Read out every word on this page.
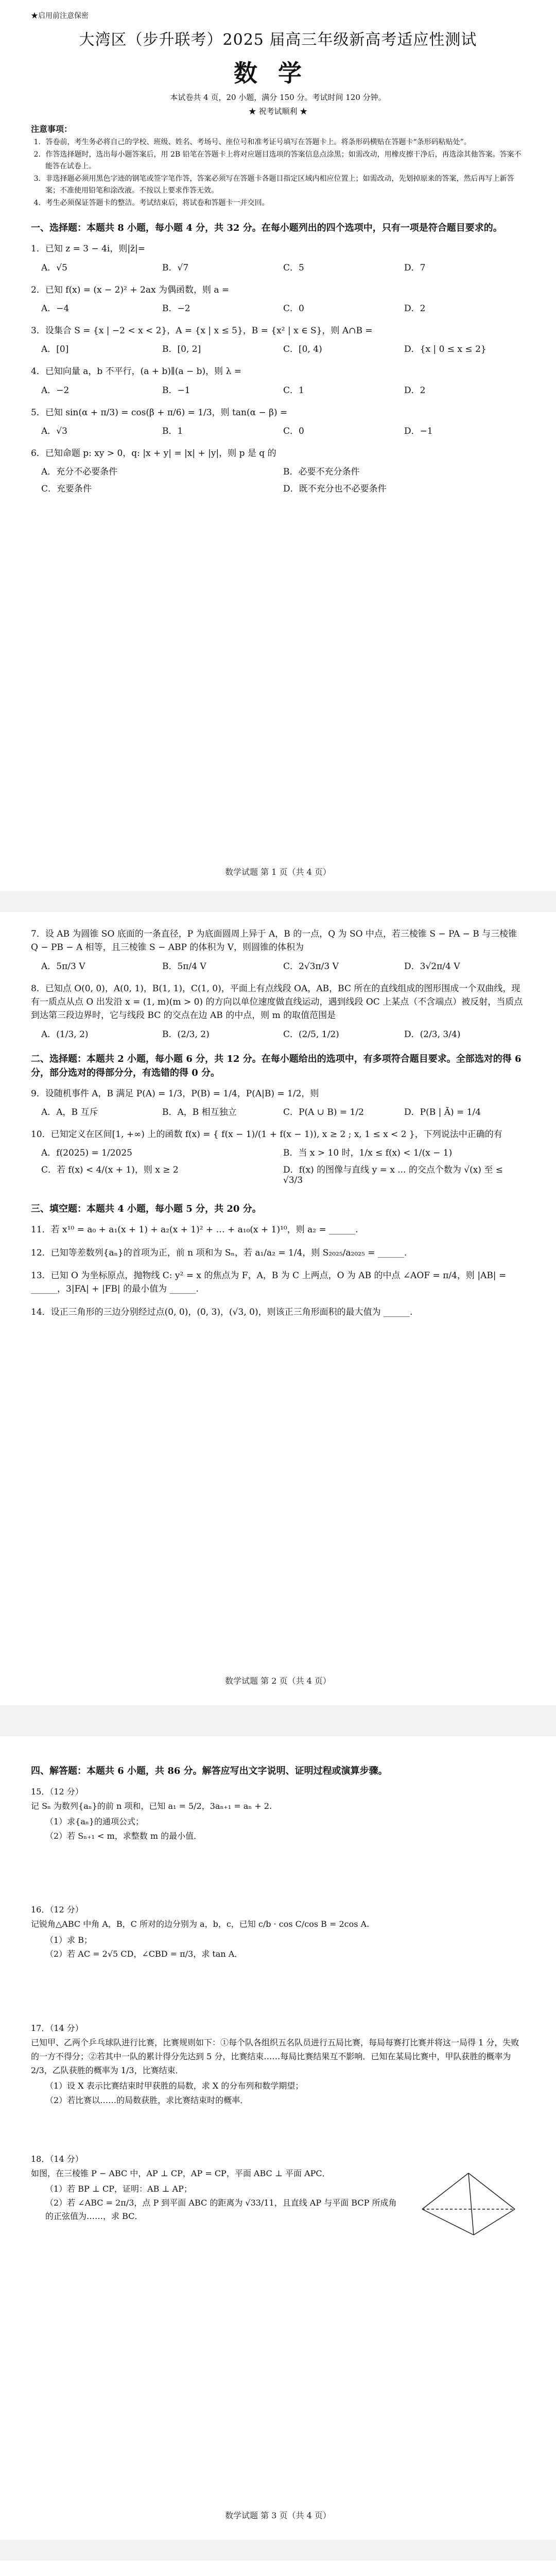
★启用前注意保密
大湾区（步升联考）2025 届高三年级新高考适应性测试
数学
本试卷共 4 页，20 小题，满分 150 分。考试时间 120 分钟。
★ 祝考试顺利 ★
注意事项：

1．答卷前，考生务必将自己的学校、班级、姓名、考场号、座位号和准考证号填写在答题卡上。将条形码横贴在答题卡“条形码粘贴处”。

2．作答选择题时，选出每小题答案后，用 2B 铅笔在答题卡上将对应题目选项的答案信息点涂黑；如需改动，用橡皮擦干净后，再选涂其他答案。答案不能答在试卷上。

3．非选择题必须用黑色字迹的钢笔或签字笔作答，答案必须写在答题卡各题目指定区域内相应位置上；如需改动，先划掉原来的答案，然后再写上新答案；不准使用铅笔和涂改液。不按以上要求作答无效。

4．考生必须保证答题卡的整洁。考试结束后，将试卷和答题卡一并交回。

一、选择题：本题共 8 小题，每小题 4 分，共 32 分。在每小题列出的四个选项中，只有一项是符合题目要求的。

1．已知 z = 3 − 4i，则|z̄|=

A．√5	B．√7	C．5	D．7

2．已知 f(x) = (x − 2)² + 2ax 为偶函数，则 a =

A．−4	B．−2	C．0	D．2

3．设集合 S = {x | −2 < x < 2}，A = {x | x ≤ 5}，B = {x² | x ∈ S}，则 A∩B =

A．[0]	B．[0, 2]	C．[0, 4)	D．{x | 0 ≤ x ≤ 2}

4．已知向量 a，b 不平行，(a + b)∥(a − b)，则 λ =

A．−2	B．−1	C．1	D．2

5．已知 sin(α + π/3) = cos(β + π/6) = 1/3，则 tan(α − β) =

A．√3	B．1	C．0	D．−1

6．已知命题 p: xy > 0，q: |x + y| = |x| + |y|，则 p 是 q 的

A．充分不必要条件	B．必要不充分条件
C．充要条件	D．既不充分也不必要条件
数学试题 第 1 页（共 4 页）

7．设 AB 为圆锥 SO 底面的一条直径，P 为底面圆周上异于 A，B 的一点，Q 为 SO 中点，若三棱锥 S − PA − B 与三棱锥 Q − PB − A 相等，且三棱锥 S − ABP 的体积为 V，则圆锥的体积为

A．5π/3 V	B．5π/4 V	C．2√3π/3 V	D．3√2π/4 V

8．已知点 O(0, 0)，A(0, 1)，B(1, 1)，C(1, 0)，平面上有点线段 OA，AB，BC 所在的直线组成的图形围成一个双曲线，现有一质点从点 O 出发沿 x = (1, m)(m > 0) 的方向以单位速度做直线运动，遇到线段 OC 上某点（不含端点）被反射，当质点到达第三段边界时，它与线段 BC 的交点在边 AB 的中点，则 m 的取值范围是

A．(1/3, 2)	B．(2/3, 2)	C．(2/5, 1/2)	D．(2/3, 3/4)
二、选择题：本题共 2 小题，每小题 6 分，共 12 分。在每小题给出的选项中，有多项符合题目要求。全部选对的得 6 分，部分选对的得部分分，有选错的得 0 分。

9．设随机事件 A，B 满足 P(A) = 1/3，P(B) = 1/4，P(A|B) = 1/2，则

A．A，B 互斥	B．A，B 相互独立	C．P(A ∪ B) = 1/2	D．P(B | Ā) = 1/4

10．已知定义在区间[1, +∞) 上的函数 f(x) = { f(x − 1)/(1 + f(x − 1)), x ≥ 2 ; x, 1 ≤ x < 2 }，下列说法中正确的有

A．f(2025) = 1/2025	B．当 x > 10 时，1/x ≤ f(x) < 1/(x − 1)
C．若 f(x) < 4/(x + 1)，则 x ≥ 2	D．f(x) 的图像与直线 y = x ... 的交点个数为 √(x) 至 ≤ √3/3
三、填空题：本题共 4 小题，每小题 5 分，共 20 分。

11．若 x¹⁰ = a₀ + a₁(x + 1) + a₂(x + 1)² + … + a₁₀(x + 1)¹⁰，则 a₂ = ______.

12．已知等差数列{aₙ}的首项为正，前 n 项和为 Sₙ，若 a₁/a₂ = 1/4，则 S₂₀₂₅/a₂₀₂₅ = ______.

13．已知 O 为坐标原点，抛物线 C: y² = x 的焦点为 F，A，B 为 C 上两点，O 为 AB 的中点 ∠AOF = π/4，则 |AB| = ______，3|FA| + |FB| 的最小值为 ______.

14．设正三角形的三边分别经过点(0, 0)，(0, 3)，(√3, 0)，则该正三角形面积的最大值为 ______.

数学试题 第 2 页（共 4 页）
四、解答题：本题共 6 小题，共 86 分。解答应写出文字说明、证明过程或演算步骤。
15．（12 分）

记 Sₙ 为数列{aₙ}的前 n 项和，已知 a₁ = 5/2，3aₙ₊₁ = aₙ + 2.

（1）求{aₙ}的通项公式；

（2）若 Sₙ₊₁ < m，求整数 m 的最小值．

16．（12 分）

记锐角△ABC 中角 A，B，C 所对的边分别为 a，b，c，已知 c/b · cos C/cos B = 2cos A.

（1）求 B；

（2）若 AC = 2√5 CD，∠CBD = π/3，求 tan A．

17．（14 分）

已知甲、乙两个乒乓球队进行比赛，比赛规则如下：①每个队各组织五名队员进行五局比赛，每局每赛打比赛并将这一局得 1 分，失败的一方不得分；②若其中一队的累计得分先达到 5 分，比赛结束……每局比赛结果互不影响．已知在某局比赛中，甲队获胜的概率为 2/3，乙队获胜的概率为 1/3，比赛结束．

（1）设 X 表示比赛结束时甲获胜的局数，求 X 的分布列和数学期望；

（2）若比赛以……的局数获胜，求比赛结束时的概率．

18．（14 分）

如图，在三棱锥 P − ABC 中，AP ⊥ CP，AP = CP，平面 ABC ⊥ 平面 APC．

（1）若 BP ⊥ CP，证明：AB ⊥ AP；

（2）若 ∠ABC = 2π/3，点 P 到平面 ABC 的距离为 √33/11，且直线 AP 与平面 BCP 所成角的正弦值为……，求 BC．

数学试题 第 3 页（共 4 页）
